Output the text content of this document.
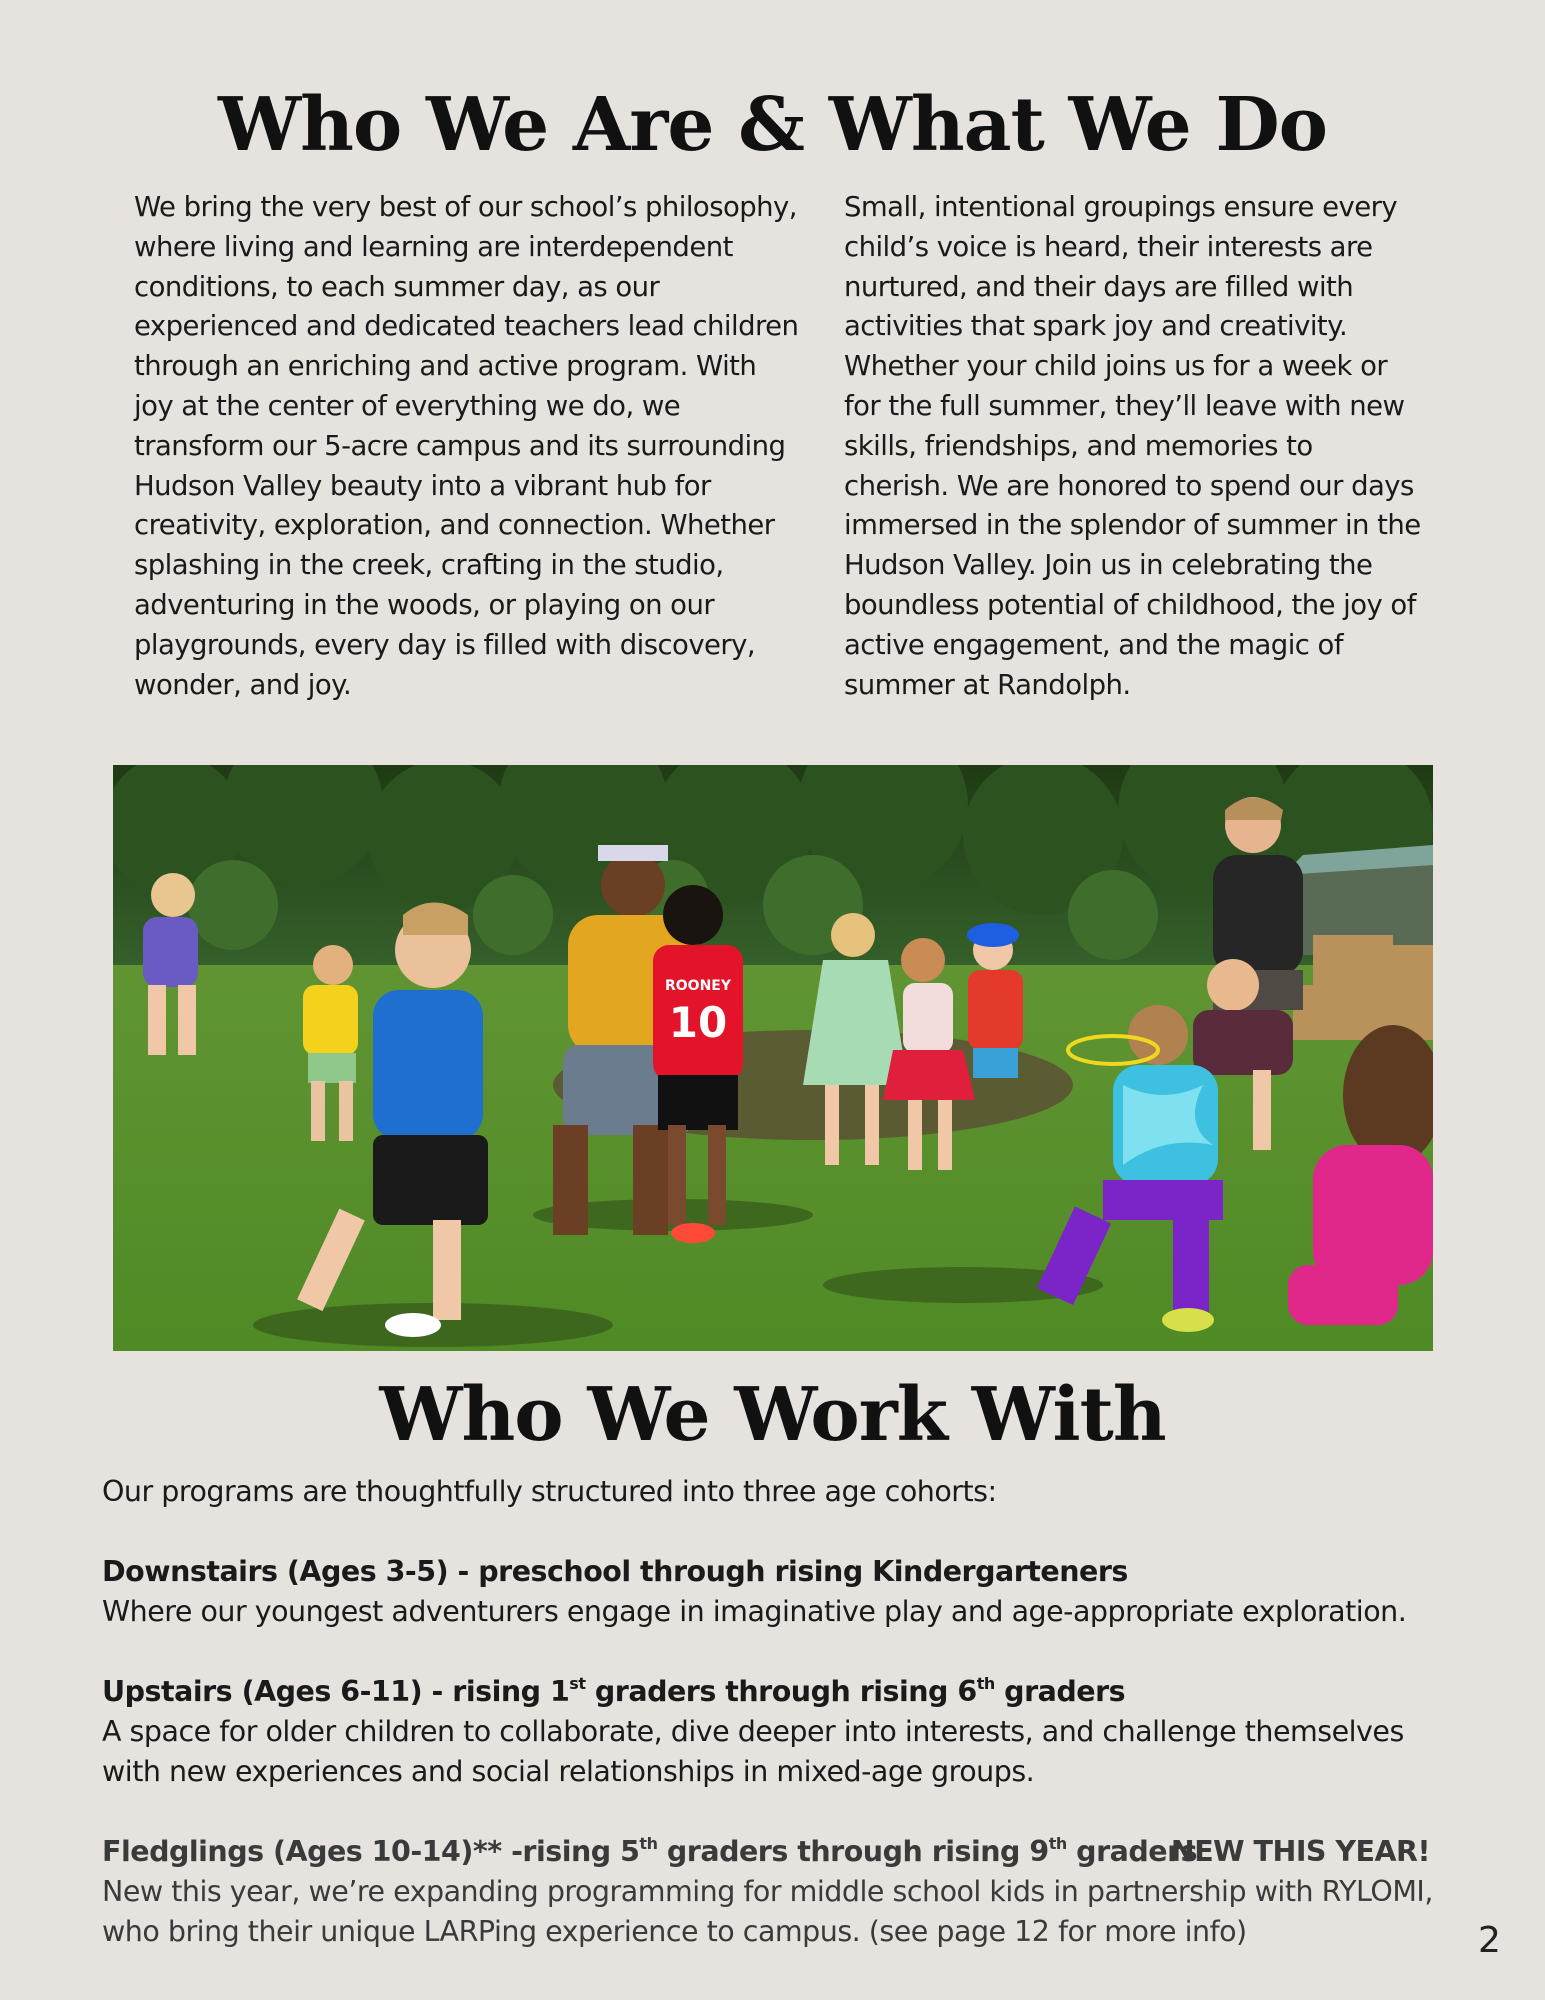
Who We Are & What We Do
We bring the very best of our school’s philosophy, where living and learning are interdependent conditions, to each summer day, as our experienced and dedicated teachers lead children through an enriching and active program. With joy at the center of everything we do, we transform our 5-acre campus and its surrounding Hudson Valley beauty into a vibrant hub for creativity, exploration, and connection. Whether splashing in the creek, crafting in the studio, adventuring in the woods, or playing on our playgrounds, every day is filled with discovery, wonder, and joy.
Small, intentional groupings ensure every child’s voice is heard, their interests are nurtured, and their days are filled with activities that spark joy and creativity. Whether your child joins us for a week or for the full summer, they’ll leave with new skills, friendships, and memories to cherish. We are honored to spend our days immersed in the splendor of summer in the Hudson Valley. Join us in celebrating the boundless potential of childhood, the joy of active engagement, and the magic of summer at Randolph.
ROONEY
10
Who We Work With

Our programs are thoughtfully structured into three age cohorts:

Downstairs (Ages 3-5) - preschool through rising Kindergarteners

Where our youngest adventurers engage in imaginative play and age-appropriate exploration.

Upstairs (Ages 6-11) - rising 1st graders through rising 6th graders

A space for older children to collaborate, dive deeper into interests, and challenge themselves with new experiences and social relationships in mixed-age groups.

Fledglings (Ages 10-14)** -rising 5th graders through rising 9th graders

NEW THIS YEAR!

New this year, we’re expanding programming for middle school kids in partnership with RYLOMI, who bring their unique LARPing experience to campus. (see page 12 for more info)	2
